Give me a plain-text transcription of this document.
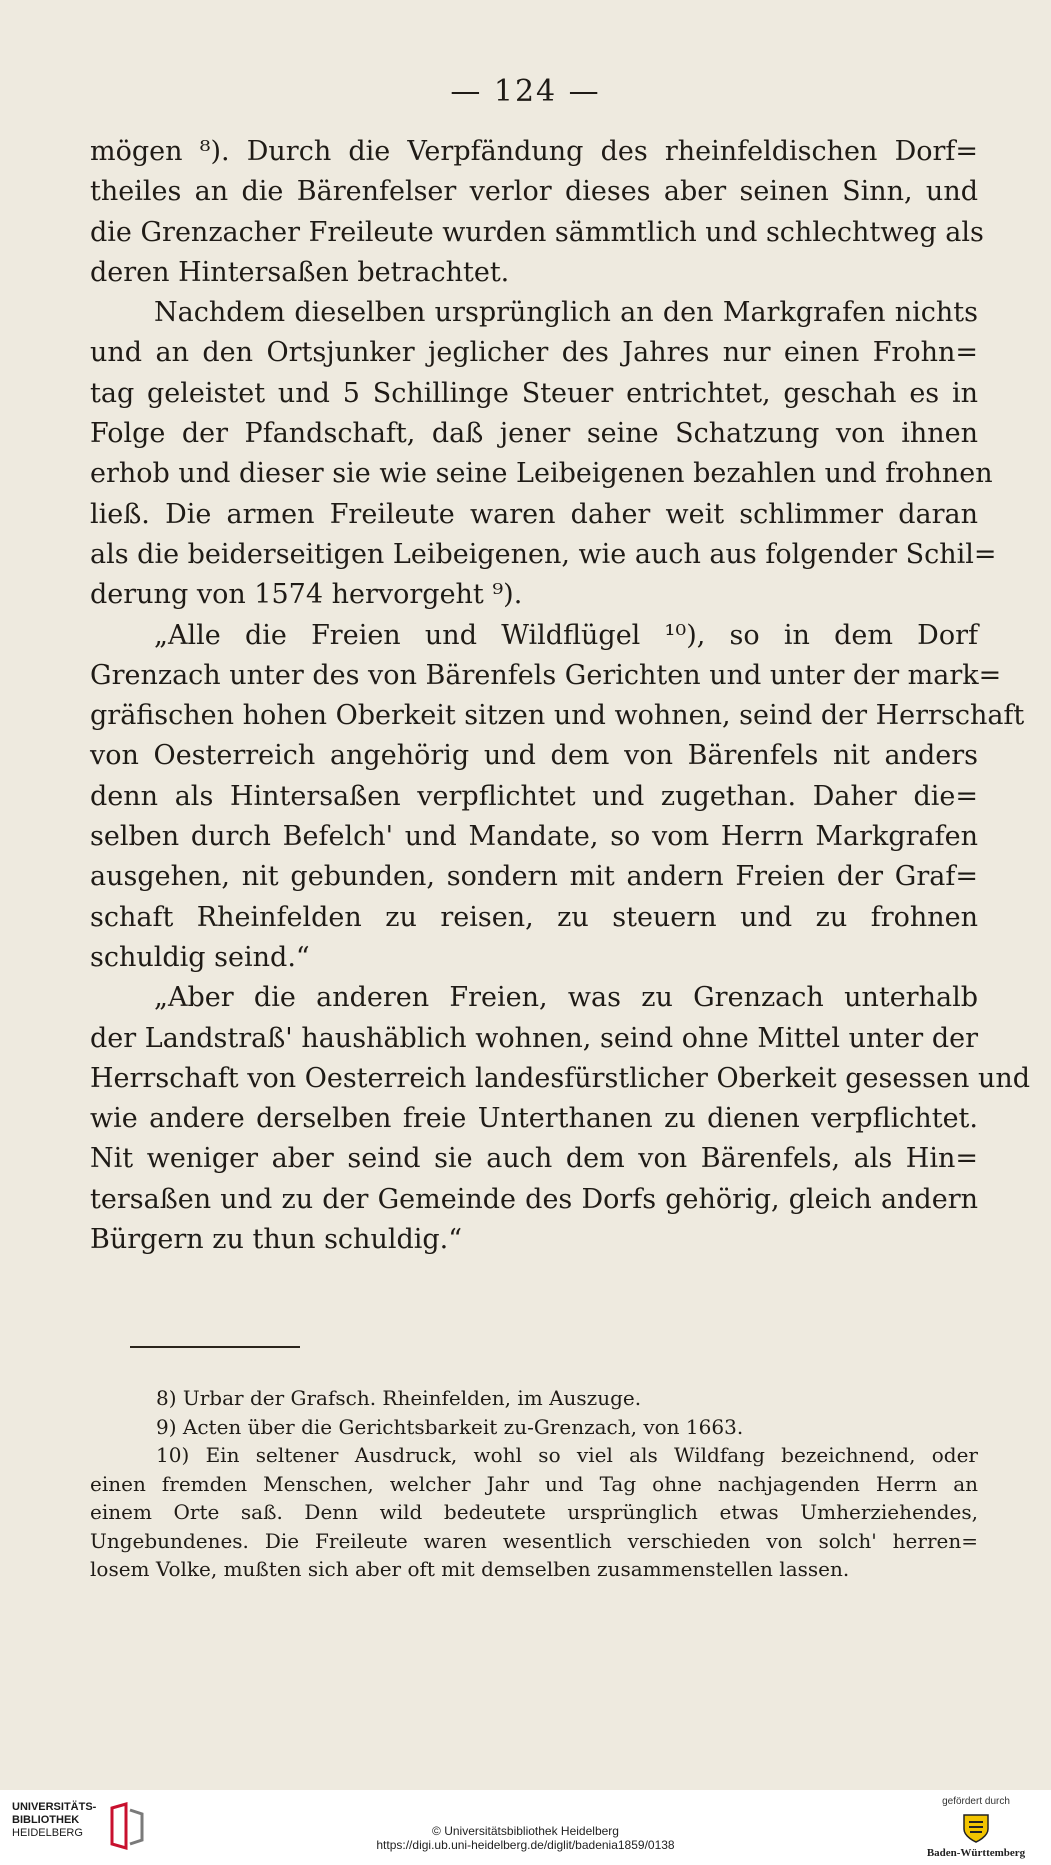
— 124 —
mögen ⁸). Durch die Verpfändung des rheinfeldischen Dorf=
theiles an die Bärenfelser verlor dieses aber seinen Sinn, und
die Grenzacher Freileute wurden sämmtlich und schlechtweg als
deren Hintersaßen betrachtet.
Nachdem dieselben ursprünglich an den Markgrafen nichts
und an den Ortsjunker jeglicher des Jahres nur einen Frohn=
tag geleistet und 5 Schillinge Steuer entrichtet, geschah es in
Folge der Pfandschaft, daß jener seine Schatzung von ihnen
erhob und dieser sie wie seine Leibeigenen bezahlen und frohnen
ließ. Die armen Freileute waren daher weit schlimmer daran
als die beiderseitigen Leibeigenen, wie auch aus folgender Schil=
derung von 1574 hervorgeht ⁹).
„Alle die Freien und Wildflügel ¹⁰), so in dem Dorf
Grenzach unter des von Bärenfels Gerichten und unter der mark=
gräfischen hohen Oberkeit sitzen und wohnen, seind der Herrschaft
von Oesterreich angehörig und dem von Bärenfels nit anders
denn als Hintersaßen verpflichtet und zugethan. Daher die=
selben durch Befelch' und Mandate, so vom Herrn Markgrafen
ausgehen, nit gebunden, sondern mit andern Freien der Graf=
schaft Rheinfelden zu reisen, zu steuern und zu frohnen
schuldig seind.“
„Aber die anderen Freien, was zu Grenzach unterhalb
der Landstraß' haushäblich wohnen, seind ohne Mittel unter der
Herrschaft von Oesterreich landesfürstlicher Oberkeit gesessen und
wie andere derselben freie Unterthanen zu dienen verpflichtet.
Nit weniger aber seind sie auch dem von Bärenfels, als Hin=
tersaßen und zu der Gemeinde des Dorfs gehörig, gleich andern
Bürgern zu thun schuldig.“
8) Urbar der Grafsch. Rheinfelden, im Auszuge.
9) Acten über die Gerichtsbarkeit zu-Grenzach, von 1663.
10) Ein seltener Ausdruck, wohl so viel als Wildfang bezeichnend, oder
einen fremden Menschen, welcher Jahr und Tag ohne nachjagenden Herrn an
einem Orte saß. Denn wild bedeutete ursprünglich etwas Umherziehendes,
Ungebundenes. Die Freileute waren wesentlich verschieden von solch' herren=
losem Volke, mußten sich aber oft mit demselben zusammenstellen lassen.
UNIVERSITÄTS-
BIBLIOTHEK
HEIDELBERG	© Universitätsbibliothek Heidelberg
https://digi.ub.uni-heidelberg.de/diglit/badenia1859/0138
gefördert durch
Baden-Württemberg
